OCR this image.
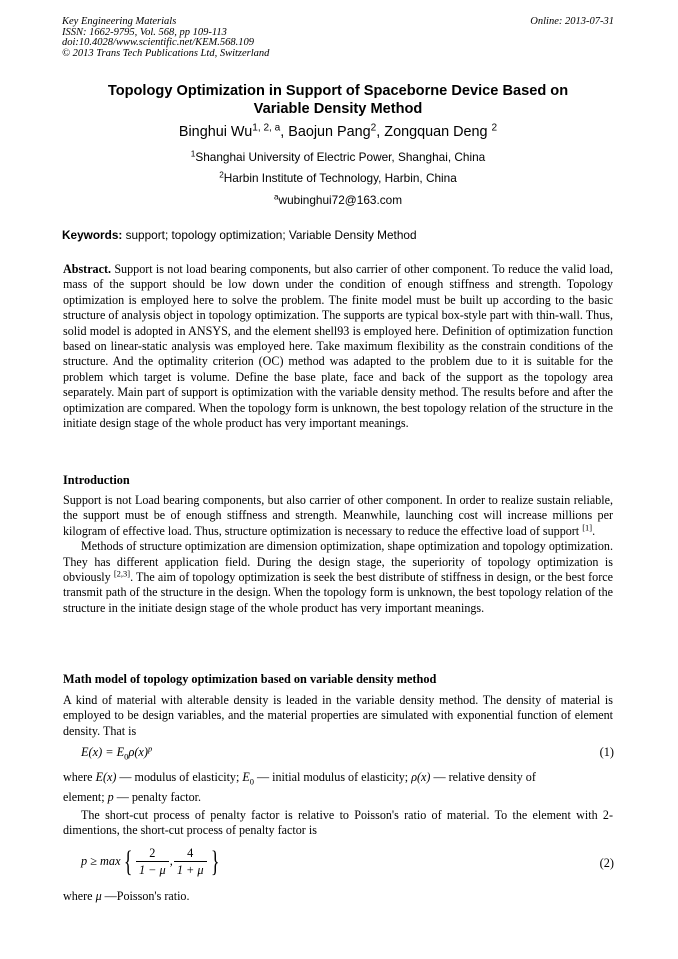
Key Engineering Materials
ISSN: 1662-9795, Vol. 568, pp 109-113
doi:10.4028/www.scientific.net/KEM.568.109
© 2013 Trans Tech Publications Ltd, Switzerland
Online: 2013-07-31
Topology Optimization in Support of Spaceborne Device Based on
Variable Density Method
Binghui Wu$^{1, 2, a}$, Baojun Pang$^2$, Zongquan Deng $^2$
$^1$Shanghai University of Electric Power, Shanghai, China
$^2$Harbin Institute of Technology, Harbin, China
$^a$wubinghui72@163.com
Keywords: support; topology optimization; Variable Density Method

Abstract. Support is not load bearing components, but also carrier of other component. To reduce the valid load, mass of the support should be low down under the condition of enough stiffness and strength. Topology optimization is employed here to solve the problem. The finite model must be built up according to the basic structure of analysis object in topology optimization. The supports are typical box-style part with thin-wall. Thus, solid model is adopted in ANSYS, and the element shell93 is employed here. Definition of optimization function based on linear-static analysis was employed here. Take maximum flexibility as the constrain conditions of the structure. And the optimality criterion (OC) method was adapted to the problem due to it is suitable for the problem which target is volume. Define the base plate, face and back of the support as the topology area separately. Main part of support is optimization with the variable density method. The results before and after the optimization are compared. When the topology form is unknown, the best topology relation of the structure in the initiate design stage of the whole product has very important meanings.

Introduction

Support is not Load bearing components, but also carrier of other component. In order to realize sustain reliable, the support must be of enough stiffness and strength. Meanwhile, launching cost will increase millions per kilogram of effective load. Thus, structure optimization is necessary to reduce the effective load of support [1].

Methods of structure optimization are dimension optimization, shape optimization and topology optimization. They has different application field. During the design stage, the superiority of topology optimization is obviously [2,3]. The aim of topology optimization is seek the best distribute of stiffness in design, or the best force transmit path of the structure in the design. When the topology form is unknown, the best topology relation of the structure in the initiate design stage of the whole product has very important meanings.

Math model of topology optimization based on variable density method

A kind of material with alterable density is leaded in the variable density method. The density of material is employed to be design variables, and the material properties are simulated with exponential function of element density. That is

$E(x) = E_0\rho(x)^p$	(1)

where E(x) — modulus of elasticity; $E_0$ — initial modulus of elasticity; ρ(x) — relative density of
element; p — penalty factor.

The short-cut process of penalty factor is relative to Poisson's ratio of material. To the element with 2-dimentions, the short-cut process of penalty factor is

$p \ge \max\{ \frac{2}{1 - \mu}$ , $\frac{4}{1 + \mu}$ }	(2)

where μ —Poisson's ratio.
